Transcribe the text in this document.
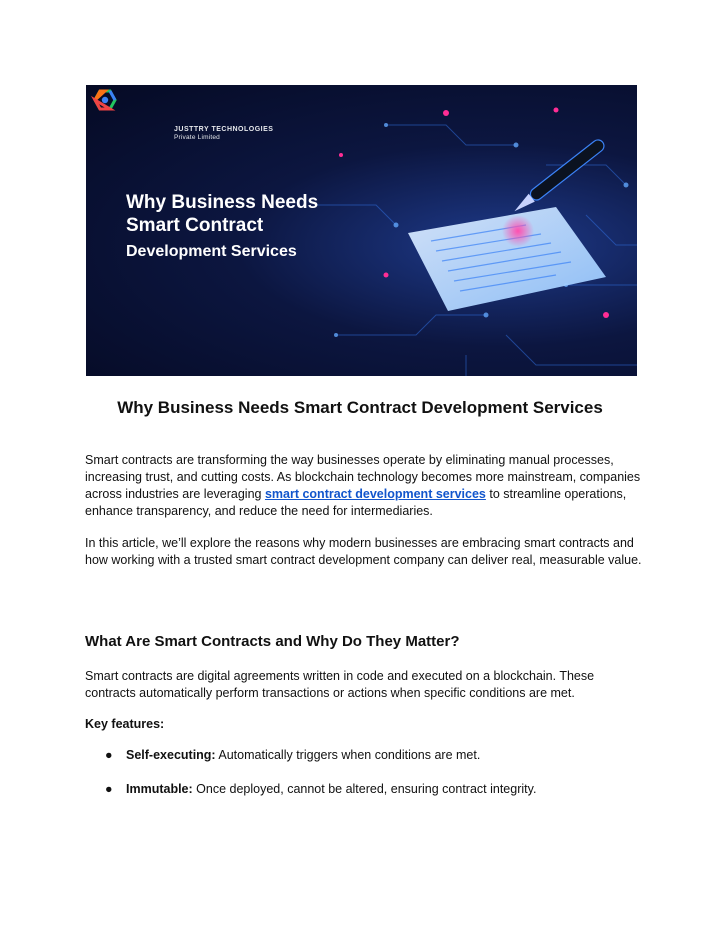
JUSTTRY TECHNOLOGIES
Private Limited
Why Business Needs
Smart Contract
Development Services
Why Business Needs Smart Contract Development Services

Smart contracts are transforming the way businesses operate by eliminating manual processes, increasing trust, and cutting costs. As blockchain technology becomes more mainstream, companies across industries are leveraging smart contract development services to streamline operations, enhance transparency, and reduce the need for intermediaries.

In this article, we’ll explore the reasons why modern businesses are embracing smart contracts and how working with a trusted smart contract development company can deliver real, measurable value.

What Are Smart Contracts and Why Do They Matter?

Smart contracts are digital agreements written in code and executed on a blockchain. These contracts automatically perform transactions or actions when specific conditions are met.

Key features:

● Self-executing: Automatically triggers when conditions are met.
● Immutable: Once deployed, cannot be altered, ensuring contract integrity.
